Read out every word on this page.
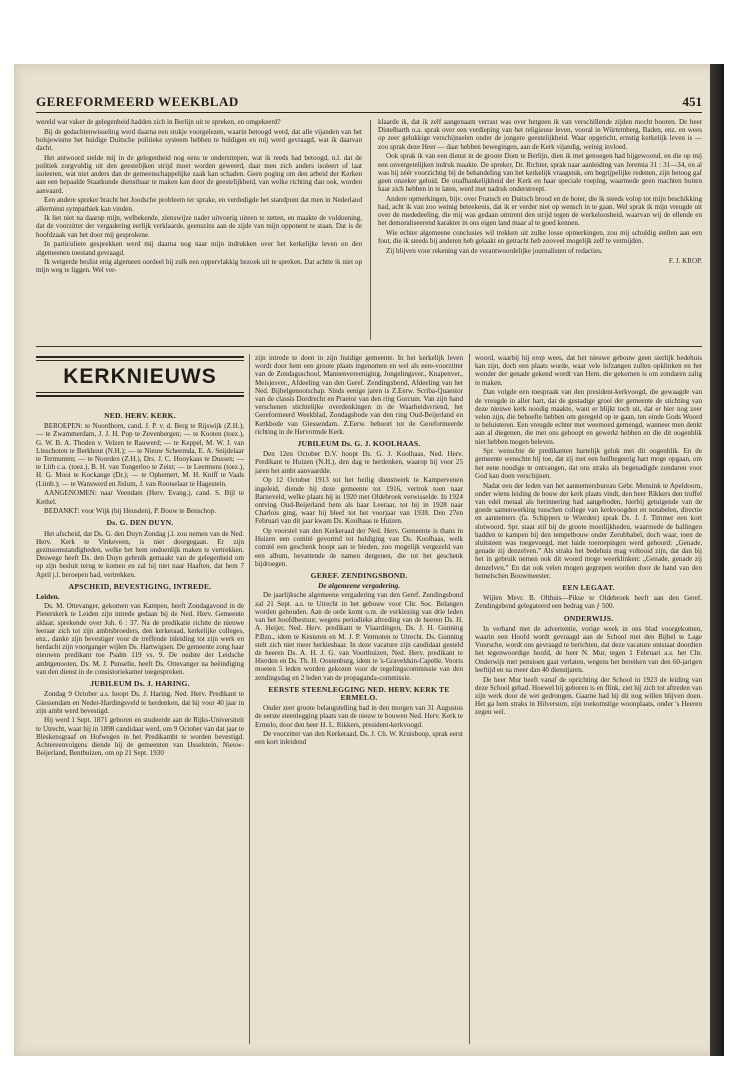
GEREFORMEERD WEEKBLAD	451

wereld wat vaker de gelegenheid hadden zich in Berlijn uit te spreken, en omgekeerd?

Bij de gedachtenwisseling werd daarna een stukje voorgelezen, waarin betoogd werd, dat alle vijanden van het bolsjewisme het huidige Duitsche politieke systeem hebben te huldigen en mij werd gevraagd, wat ik daarvan dacht.

Het antwoord stelde mij in de gelegenheid nog eens te onderstrepen, wat ik reeds had betoogd, n.l. dat de politiek zorgvuldig uit den geestelijken strijd moet worden geweerd, daar men zich anders isoleert of laat isoleeren, wat niet anders dan de gemeenschappelijke zaak kan schaden. Geen poging om den arbeid der Kerken aan een bepaalde Staatkunde dienstbaar te maken kan door de geestelijkheid, van welke richting dan ook, worden aanvaard.

Een andere spreker bracht het Joodsche probleem ter sprake, en verdedigde het standpunt dat men in Nederland allerminst sympathiek kan vinden.

Ik liet niet na daarop mijn, welbekende, zienswijze nader uitvoerig uiteen te zetten, en maakte de voldoening, dat de voorzitter der vergadering eerlijk verklaarde, geenszins aan de zijde van mijn opponent te staan. Dat is de hoofdzaak van het door mij gesprokene.

In particuliere gesprekken werd mij daarna nog naar mijn indrukken over het kerkelijke leven en den algemeenen toestand gevraagd.

Ik weigerde beslist enig algemeen oordeel bij zulk een oppervlakkig bezoek uit te spreken. Dat achtte ik niet op mijn weg te liggen. Wel ver-

klaarde ik, dat ik zelf aangenaam verrast was over hetgeen ik van verschillende zijden mocht hooren. De heer Distelbarth o.a. sprak over een verdieping van het religieuse leven, vooral in Würtemberg, Baden, enz. en wees op zeer gelukkige verschijnselen onder de jongere geestelijkheid. Waar opgericht, ernstig kerkelijk leven is — zoo sprak deze Heer — daar hebben bewegingen, aan de Kerk vijandig, weinig invloed.

Ook sprak ik van een dienst in de groote Dom te Berlijn, dien ik met genoegen had bijgewoond, en die op mij een onvergetelijken indruk maakte. De spreker, Dr. Richter, sprak naar aanleiding van Jeremia 31 : 31—34, en al was hij zéér voorzichtig bij de behandeling van het kerkelijk vraagstuk, om begrijpelijke redenen, zijn betoog gaf geen onzeker geluid. De onafhankelijkheid der Kerk en haar speciale roeping, waarmede geen machten buiten haar zich hebben in te laten, werd met nadruk onderstreept.

Andere opmerkingen, bijv. over Fransch en Duitsch brood en de boter, die ik steeds volop tot mijn beschikking had, acht ik van zoo weinig beteekenis, dat ik er verder niet op wensch in te gaan. Wel sprak ik mijn vreugde uit over de mededeeling, die mij was gedaan omtrent den strijd tegen de werkeloosheid, waarvan wij de ellende en het demoraliseerend karakter in ons eigen land maar al te goed kennen.

Wie echter algemeene conclusies wil trekken uit zulke losse opmerkingen, zou mij schuldig stellen aan een fout, die ik steeds bij anderen heb gelaakt en getracht heb zooveel mogelijk zelf te vermijden.

Zij blijven voor rekening van de verantwoordelijke journalisten of redacties.

F. J. KROP.

KERKNIEUWS
NED. HERV. KERK.

BEROEPEN: te Noordhorn, cand. J. P. v. d. Berg te Rijswijk (Z.H.); — te Zwammerdam, J. J. H. Pop te Zevenbergen; — te Kooten (toez.), G. W. B. A. Thoden v. Velzen te Rauwerd; — te Keppel, M. W. J. van Linschoten te Berkhout (N.H.); — te Nieuw Scheemda, E. A. Snijdelaar te Termunten; — te Noorden (Z.H.), Drs. J. C. Hooykaas te Dussen; — te Lith c.a. (toez.), B. H. van Tongerloo te Zeist; — te Leermens (toez.), H. G. Mooi te Kockange (Dr.); — te Ophemert, M. H. Kniff te Vaals (Limb.); — te Wanswerd en Jislum, J. van Rootselaar te Hagestein.

AANGENOMEN: naar Veendam (Herv. Evang.), cand. S. Bijl te Kethel.

BEDANKT: voor Wijk (bij Heusden), P. Bouw te Benschop.

Ds. G. DEN DUYN.

Het afscheid, dat Ds. G. den Duyn Zondag j.l. zou nemen van de Ned. Herv. Kerk te Vinkeveen, is niet doorgegaan. Er zijn gezinsomstandigheden, welke het hem ondoenlijk maken te vertrekken. Deswege heeft Ds. den Duyn gebruik gemaakt van de gelegenheid om op zijn besluit terug te komen en zal hij niet naar Haaften, dat hem 7 April j.l. beroepen had, vertrekken.

APSCHEID, BEVESTIGING, INTREDE.
Leiden.

Ds. M. Ottevanger, gekomen van Kampen, heeft Zondagavond in de Pieterskerk te Leiden zijn intrede gedaan bij de Ned. Herv. Gemeente aldaar, sprekende over Joh. 6 : 37. Na de predikatie richtte de nieuwe leeraar zich tot zijn ambtsbroeders, den kerkeraad, kerkelijke colleges, enz., danke zijn bevestiger voor de treffende inleiding tot zijn werk en herdacht zijn voorganger wijlen Ds. Hartwigsen. De gemeente zong haar nieuwen predikant toe Psalm 119 vs. 9. De oudste der Leidsche ambtgenooten, Ds. M. J. Punselie, heeft Ds. Ottevanger na beëindiging van den dienst in de consistoriekamer toegesproken.

JUBILEUM Ds. J. HARING.

Zondag 9 October a.s. hoopt Ds. J. Haring, Ned. Herv. Predikant te Giessendam en Neder-Hardingsveld te herdenken, dat hij voor 40 jaar in zijn ambt werd bevestigd.

Hij werd 1 Sept. 1871 geboren en studeerde aan de Rijks-Universiteit te Utrecht, waar hij in 1898 candidaat werd, om 9 October van dat jaar te Bleskensgraaf en Hofwegen in het Predikambt te worden bevestigd. Achtereenvolgens diende hij de gemeenten van IJsselstein, Nieuw-Beijerland, Benthuizen, om op 21 Sept. 1930

zijn intrede te doen in zijn huidige gemeente. In het kerkelijk leven wordt door hem een groote plaats ingenomen en wel als eere-voorzitter van de Zondagsschool, Mannenvereeniging, Jongelingsver., Knapenver., Meisjesver., Afdeeling van den Geref. Zendingsbond, Afdeeling van het Ned. Bijbelgenootschap. Sinds eenige jaren is Z.Eerw. Scriba-Quaestor van de classis Dordrecht en Praetor van den ring Gorcum. Van zijn hand verschenen stichtelijke overdenkingen in de Waarheidsvriend, het Gereformeerd Weekblad, Zondagsbode van den ring Oud-Beijerland en Kerkbode van Giessendam. Z.Eerw. behoort tot de Gereformeerde richting in de Hervormde Kerk.

JUBILEUM Ds. G. J. KOOLHAAS.

Den 12en October D.V. hoopt Ds. G. J. Koolhaas, Ned. Herv. Predikant te Huizen (N.H.), den dag te herdenken, waarop hij voor 25 jaren het ambt aanvaardde.

Op 12 October 1913 tot het heilig dienstwerk te Kampervenen ingeleid, diende hij deze gemeente tot 1916, vertrok toen naar Barneveld, welke plaats hij in 1920 met Oldebroek verwisselde. In 1924 ontving Oud-Beijerland hem als haar Leeraar, tot hij in 1928 naar Charlois ging, waar hij bleef tot het voorjaar van 1938. Den 27en Februari van dit jaar kwam Ds. Koolhaas te Huizen.

Op voorstel van den Kerkeraad der Ned. Herv. Gemeente is thans in Huizen een comité gevormd tot huldiging van Ds. Koolhaas, welk comité een geschenk hoopt aan te bieden, zoo mogelijk vergezeld van een album, bevattende de namen dergenen, die tot het geschenk bijdroegen.

GEREF. ZENDINGSBOND.
De algemeene vergadering.

De jaarlijksche algemeene vergadering van den Geref. Zendingsbond zal 21 Sept. a.s. te Utrecht in het gebouw voor Chr. Soc. Belangen worden gehouden. Aan de orde komt o.m. de verkiezing van drie leden van het hoofdbestuur, wegens periodieke aftreding van de heeren Ds. H. A. Heijer, Ned. Herv. predikant te Vlaardingen, Ds. J. H. Gunning P.Bzn., idem te Kesteren en M. J. P. Vermoten te Utrecht. Ds. Gunning stelt zich niet meer herkiesbaar. In deze vacature zijn candidaat gesteld de heeren Ds. A. H. J. G. van Voorthuizen, Ned. Herv. predikant te Hierden en Ds. Th. H. Oostenburg, idem te 's-Graveldsin-Capelle. Voorts moeten 5 leden worden gekozen voor de regelingscommissie van den zendingsdag en 2 leden van de propaganda-commissie.

EERSTE STEENLEGGING NED. HERV. KERK TE ERMELO.

Onder zeer groote belangstelling had in den morgen van 31 Augustus de eerste steenlegging plaats van de nieuw te bouwen Ned. Herv. Kerk te Ermelo, door den heer H. L. Rikkers, president-kerkvoogd.

De voorzitter van den Kerkeraad, Ds. J. Ch. W. Kruisboop, sprak eerst een kort inleidend

woord, waarbij hij erop wees, dat het nieuwe gebouw geen sierlijk bedehuis kan zijn, doch een plaats worde, waar vele lofzangen zullen opklinken en het wonder der genade gekend wordt van Hem, die gekomen is om zondaren zalig te maken.

Dan volgde een toespraak van den president-kerkvoogd, die gewaagde van de vreugde in aller hart, dat de gestadige groei der gemeente de stichting van deze nieuwe kerk noodig maakte, want er blijkt toch uit, dat er hier nog zeer velen zijn, die behoefte hebben om geregeld op te gaan, ten einde Gods Woord te beluisteren. Een vreugde echter met weemoed gemengd, wanneer men denkt aan al diegenen, die met ons gehoopt en gewerkt hebben en die dit oogenblik niet hebben mogen beleven.

Spr. wenschte de predikanten hartelijk geluk met dit oogenblik. En de gemeente wenschte hij toe, dat zij met een heilbegeerig hart moge opgaan, om het eene noodige te ontvangen, dat ons straks als begenadigde zondaren voor God kan doen verschijnen.

Nadat een der leden van het aannemersbureau Gebr. Mensink te Apeldoorn, onder wiens leiding de bouw der kerk plaats vindt, den heer Rikkers den truffel van edel metaal als herinnering had aangeboden, hierbij getuigende van de goede samenwerking tusschen college van kerkvoogden en notabelen, directie en aannemers (fa. Schippers te Wierden) sprak Ds. J. J. Timmer een kort slotwoord. Spr. staat stil bij de groote moeilijkheden, waarmede de ballingen hadden te kampen bij den tempelbouw onder Zerubbabel, doch waar, toen de sluitsteen was toegevoegd, met luide toeroepingen werd gehoord: „Genade, genade zij denzelven.” Als straks het bedehuis mag voltooid zijn, dat dan bij het in gebruik nemen ook dit woord moge weerklinken: „Genade, genade zij denzelven.” En dat ook velen mogen gegrepen worden door de hand van den hemelschen Bouwmeester.

EEN LEGAAT.

Wijlen Mevr. B. Olthuis—Pikse te Oldebroek heeft aan den Geref. Zendingsbond gelegateerd een bedrag van ƒ 500.

ONDERWIJS.

In verband met de advertentie, vorige week in ons blad voorgekomen, waarin een Hoofd wordt gevraagd aan de School met den Bijbel te Lage Vuursche, wordt ons gevraagd te berichten, dat deze vacature ontstaat doordien het tegenwoordige hoofd, de heer N. Mur, tegen 1 Februari a.s. het Chr. Onderwijs met pensioen gaat verlaten, wegens het bereiken van den 60-jarigen leeftijd en na meer dan 40 dienstjaren.

De heer Mur heeft vanaf de oprichting der School in 1923 de leiding van deze School gehad. Hoewel hij geboren is en flink, ziet hij zich tot aftreden van zijn werk door de wet gedrongen. Gaarne had hij dit nog willen blijven doen. Het ga hem straks in Hilversum, zijn toekomstige woonplaats, onder 's Heeren zegen wel.
